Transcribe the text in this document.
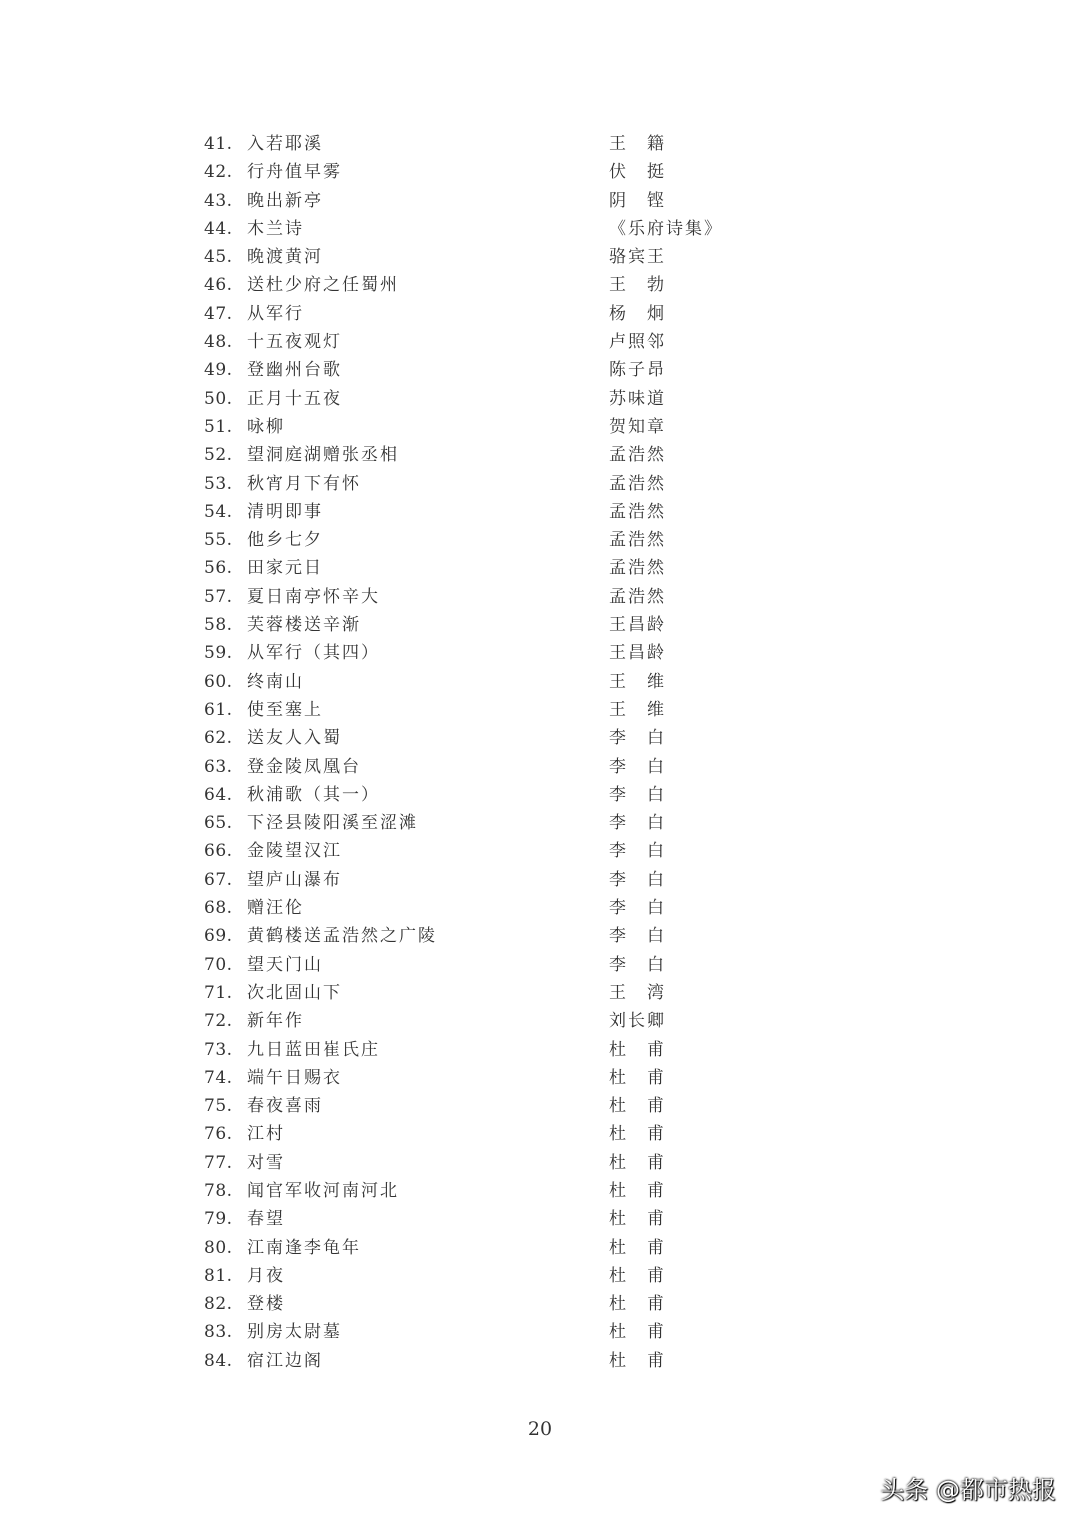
41. 入若耶溪	王　籍
42. 行舟值早雾	伏　挺
43. 晚出新亭	阴　铿
44. 木兰诗	《乐府诗集》
45. 晚渡黄河	骆宾王
46. 送杜少府之任蜀州	王　勃
47. 从军行	杨　炯
48. 十五夜观灯	卢照邻
49. 登幽州台歌	陈子昂
50. 正月十五夜	苏味道
51. 咏柳	贺知章
52. 望洞庭湖赠张丞相	孟浩然
53. 秋宵月下有怀	孟浩然
54. 清明即事	孟浩然
55. 他乡七夕	孟浩然
56. 田家元日	孟浩然
57. 夏日南亭怀辛大	孟浩然
58. 芙蓉楼送辛渐	王昌龄
59. 从军行（其四）	王昌龄
60. 终南山	王　维
61. 使至塞上	王　维
62. 送友人入蜀	李　白
63. 登金陵凤凰台	李　白
64. 秋浦歌（其一）	李　白
65. 下泾县陵阳溪至涩滩	李　白
66. 金陵望汉江	李　白
67. 望庐山瀑布	李　白
68. 赠汪伦	李　白
69. 黄鹤楼送孟浩然之广陵	李　白
70. 望天门山	李　白
71. 次北固山下	王　湾
72. 新年作	刘长卿
73. 九日蓝田崔氏庄	杜　甫
74. 端午日赐衣	杜　甫
75. 春夜喜雨	杜　甫
76. 江村	杜　甫
77. 对雪	杜　甫
78. 闻官军收河南河北	杜　甫
79. 春望	杜　甫
80. 江南逢李龟年	杜　甫
81. 月夜	杜　甫
82. 登楼	杜　甫
83. 别房太尉墓	杜　甫
84. 宿江边阁	杜　甫
20
头条 @都市热报
